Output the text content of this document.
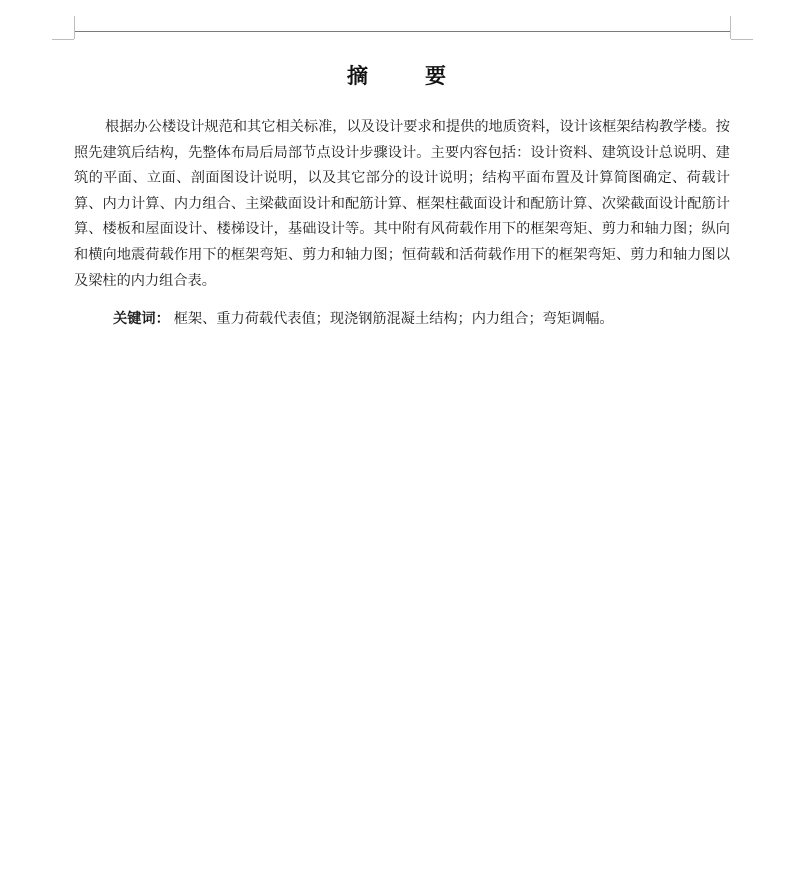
摘　要

根据办公楼设计规范和其它相关标准，以及设计要求和提供的地质资料，设计该框架结构教学楼。按照先建筑后结构，先整体布局后局部节点设计步骤设计。主要内容包括：设计资料、建筑设计总说明、建筑的平面、立面、剖面图设计说明，以及其它部分的设计说明；结构平面布置及计算简图确定、荷载计算、内力计算、内力组合、主梁截面设计和配筋计算、框架柱截面设计和配筋计算、次梁截面设计配筋计算、楼板和屋面设计、楼梯设计，基础设计等。其中附有风荷载作用下的框架弯矩、剪力和轴力图；纵向和横向地震荷载作用下的框架弯矩、剪力和轴力图；恒荷载和活荷载作用下的框架弯矩、剪力和轴力图以及梁柱的内力组合表。

关键词： 框架、重力荷载代表值；现浇钢筋混凝土结构；内力组合；弯矩调幅。
